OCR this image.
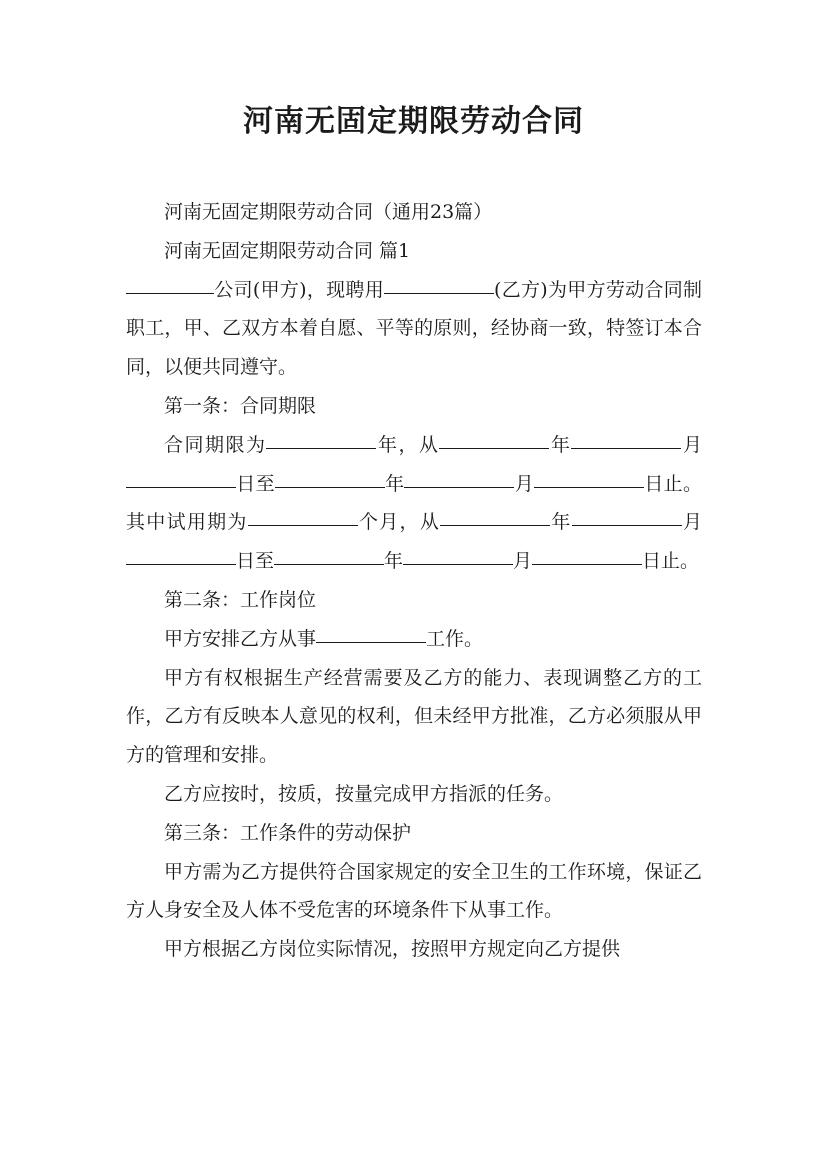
河南无固定期限劳动合同

河南无固定期限劳动合同（通用23篇）

河南无固定期限劳动合同 篇1

公司(甲方)，现聘用	(乙方)为甲方劳动合同制职工，甲、乙双方本着自愿、平等的原则，经协商一致，特签订本合同，以便共同遵守。

第一条：合同期限

合同期限为	年，从	年	月日至	年	月	日止。其中试用期为	个月，从	年	月日至	年	月	日止。

第二条：工作岗位

甲方安排乙方从事	工作。

甲方有权根据生产经营需要及乙方的能力、表现调整乙方的工作，乙方有反映本人意见的权利，但未经甲方批准，乙方必须服从甲方的管理和安排。

乙方应按时，按质，按量完成甲方指派的任务。

第三条：工作条件的劳动保护

甲方需为乙方提供符合国家规定的安全卫生的工作环境，保证乙方人身安全及人体不受危害的环境条件下从事工作。

甲方根据乙方岗位实际情况，按照甲方规定向乙方提供
